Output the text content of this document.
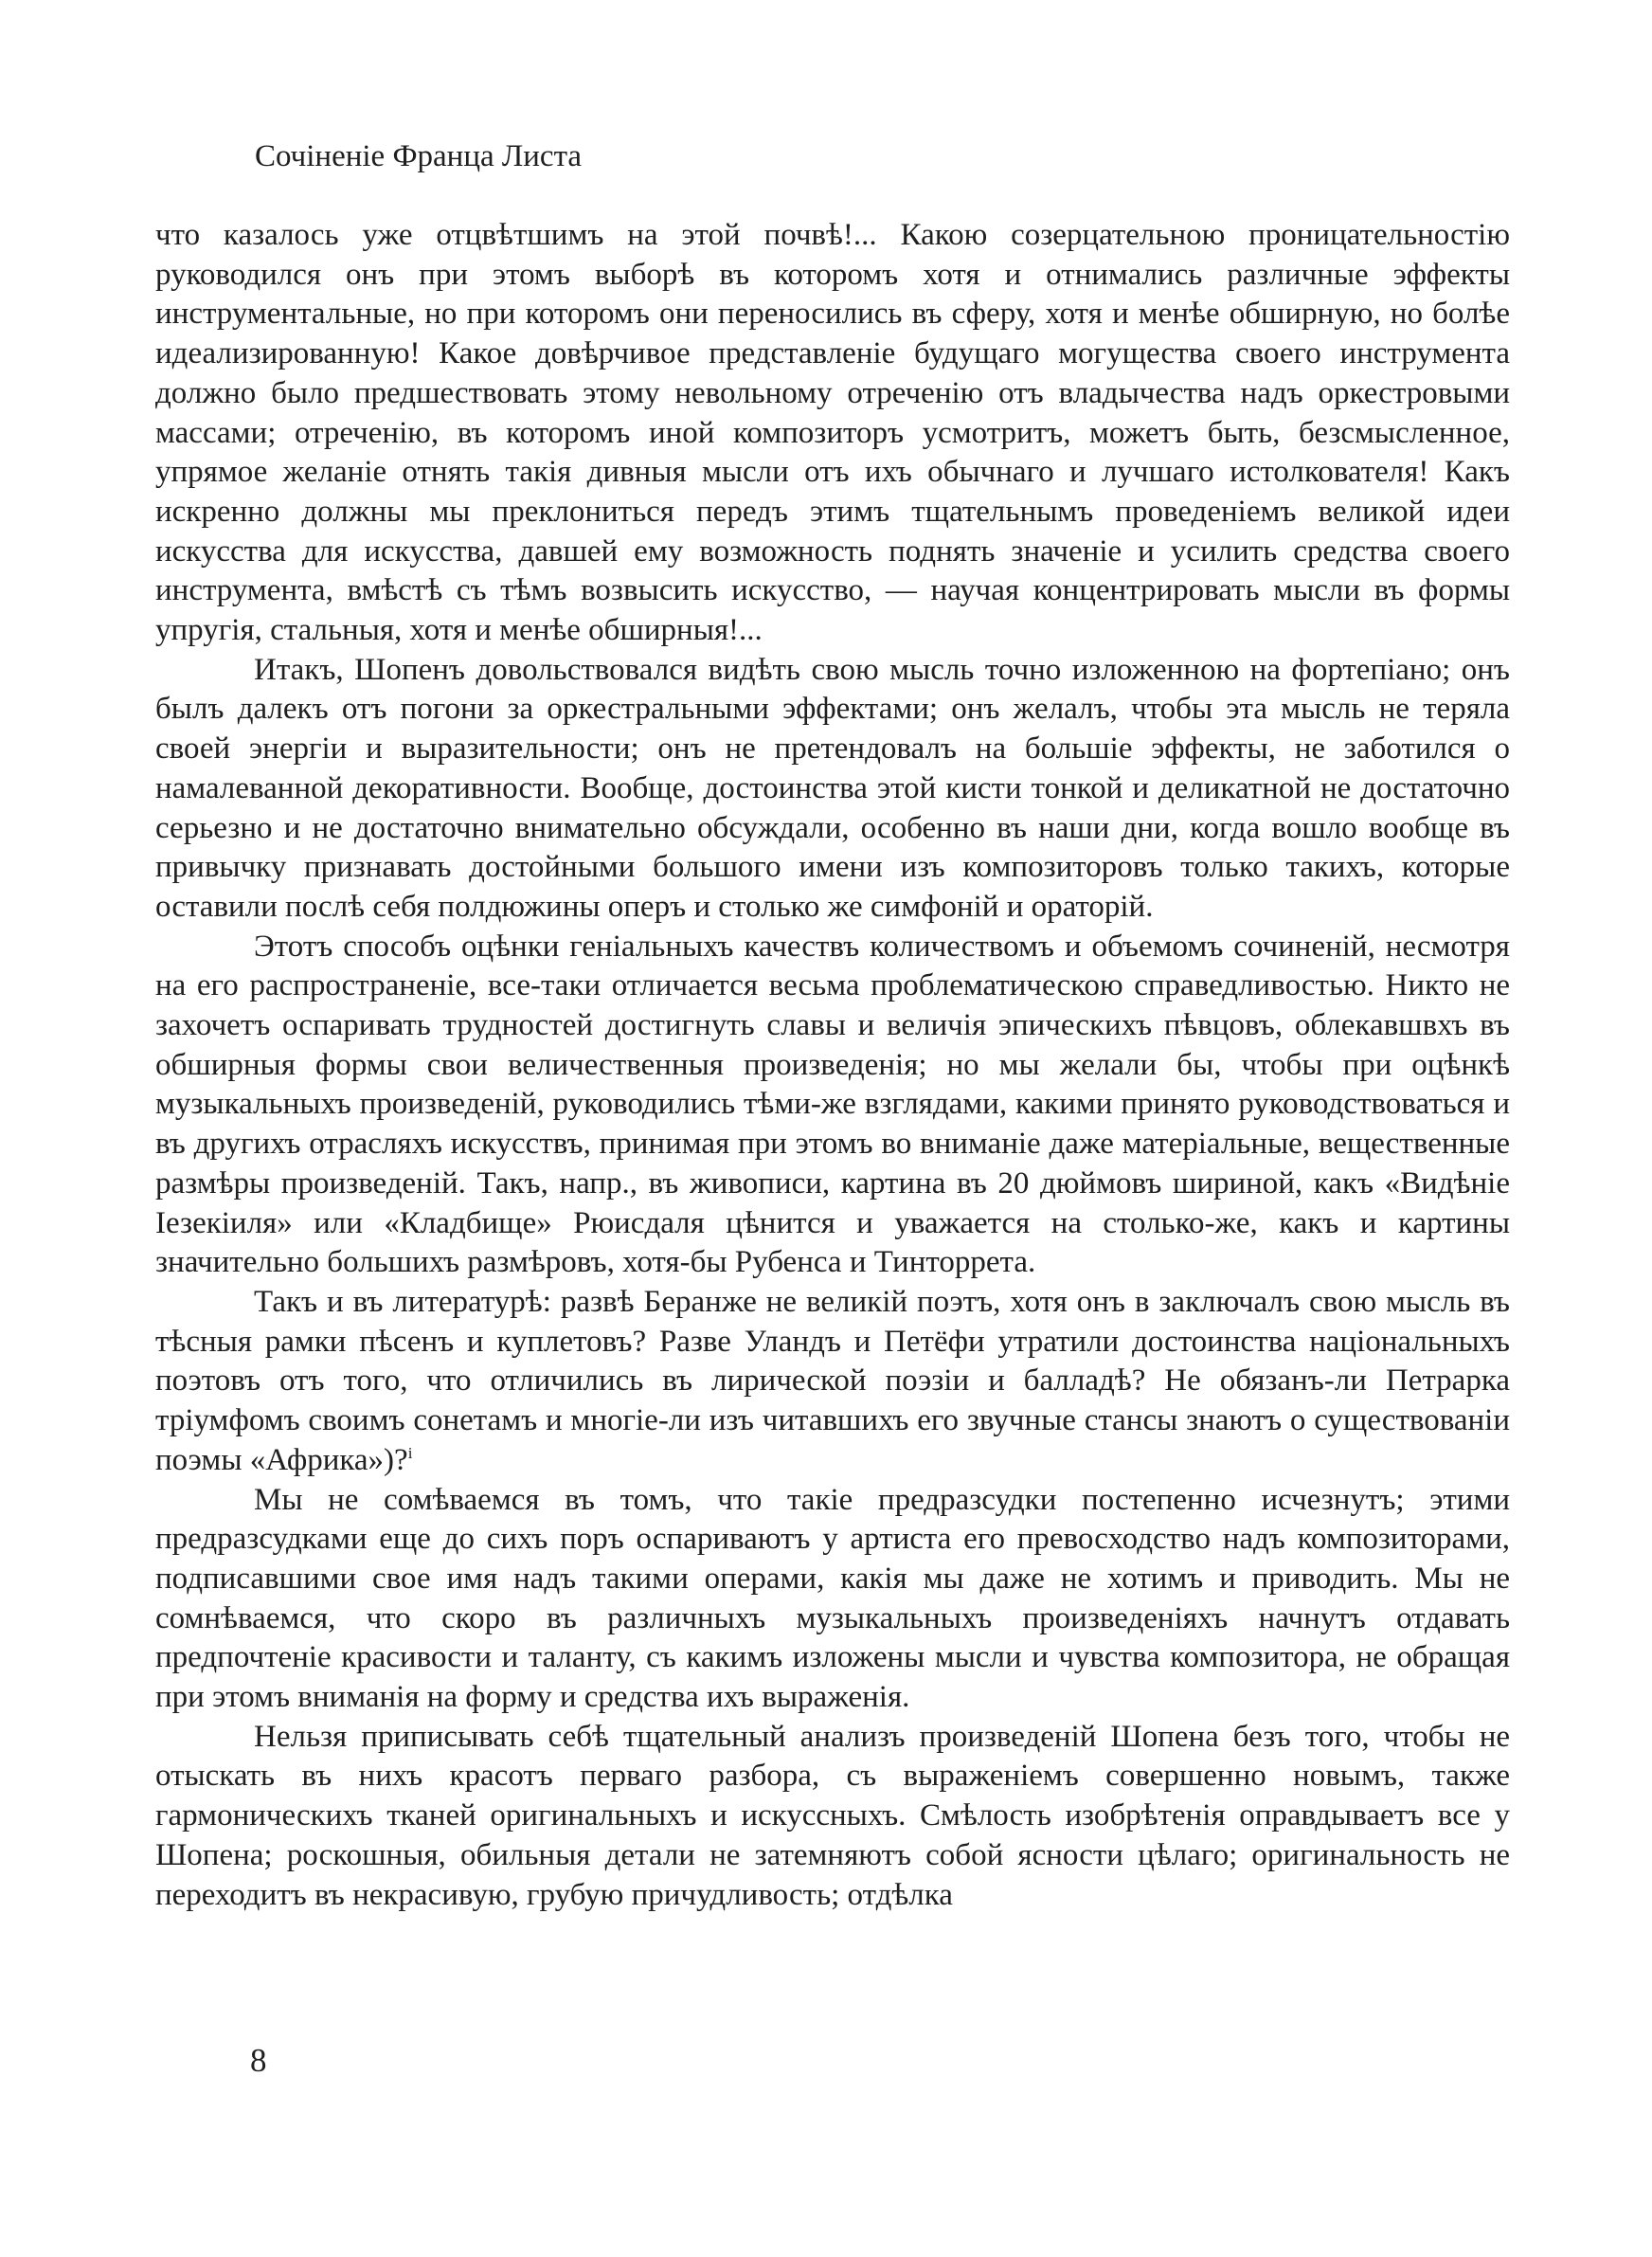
Сочiненiе Франца Листа

что казалось уже отцвѣтшимъ на этой почвѣ!... Какою созерцательною проницательностiю руководился онъ при этомъ выборѣ въ которомъ хотя и отнимались различные эффекты инструментальные, но при которомъ они переносились въ сферу, хотя и менѣе обширную, но болѣе идеализированную! Какое довѣрчивое представленiе будущаго могущества своего инструмента должно было предшествовать этому невольному отреченiю отъ владычества надъ оркестровыми массами; отреченiю, въ которомъ иной композиторъ усмотритъ, можетъ быть, безсмысленное, упрямое желанiе отнять такiя дивныя мысли отъ ихъ обычнаго и лучшаго истолкователя! Какъ искренно должны мы преклониться передъ этимъ тщательнымъ проведенiемъ великой идеи искусства для искусства, давшей ему возможность поднять значенiе и усилить средства своего инструмента, вмѣстѣ съ тѣмъ возвысить искусство, — научая концентрировать мысли въ формы упругiя, стальныя, хотя и менѣе обширныя!...

Итакъ, Шопенъ довольствовался видѣть свою мысль точно изложенною на фортепiано; онъ былъ далекъ отъ погони за оркестральными эффектами; онъ желалъ, чтобы эта мысль не теряла своей энергiи и выразительности; онъ не претендовалъ на большiе эффекты, не заботился о намалеванной декоративности. Вообще, достоинства этой кисти тонкой и деликатной не достаточно серьезно и не достаточно внимательно обсуждали, особенно въ наши дни, когда вошло вообще въ привычку признавать достойными большого имени изъ композиторовъ только такихъ, которые оставили послѣ себя полдюжины оперъ и столько же симфонiй и ораторiй.

Этотъ способъ оцѣнки генiальныхъ качествъ количествомъ и объемомъ сочиненiй, несмотря на его распространенiе, все-таки отличается весьма проблематическою справедливостью. Никто не захочетъ оспаривать трудностей достигнуть славы и величiя эпическихъ пѣвцовъ, облекавшвхъ въ обширныя формы свои величественныя произведенiя; но мы желали бы, чтобы при оцѣнкѣ музыкальныхъ произведенiй, руководились тѣми-же взглядами, какими принято руководствоваться и въ другихъ отрасляхъ искусствъ, принимая при этомъ во вниманiе даже матерiальные, вещественные размѣры произведенiй. Такъ, напр., въ живописи, картина въ 20 дюймовъ шириной, какъ «Видѣнiе Iезекiиля» или «Кладбище» Рюисдаля цѣнится и уважается на столько-же, какъ и картины значительно большихъ размѣровъ, хотя-бы Рубенса и Тинторрета.

Такъ и въ литературѣ: развѣ Беранже не великiй поэтъ, хотя онъ в заключалъ свою мысль въ тѣсныя рамки пѣсенъ и куплетовъ? Разве Уландъ и Петёфи утратили достоинства нацiональныхъ поэтовъ отъ того, что отличились въ лирической поэзiи и балладѣ? Не обязанъ-ли Петрарка трiумфомъ своимъ сонетамъ и многiе-ли изъ читавшихъ его звучные стансы знаютъ о существованiи поэмы «Африка»)?$^i$

Мы не сомѣваемся въ томъ, что такiе предразсудки постепенно исчезнутъ; этими предразсудками еще до сихъ поръ оспариваютъ у артиста его превосходство надъ композиторами, подписавшими свое имя надъ такими операми, какiя мы даже не хотимъ и приводить. Мы не сомнѣваемся, что скоро въ различныхъ музыкальныхъ произведенiяхъ начнутъ отдавать предпочтенiе красивости и таланту, съ какимъ изложены мысли и чувства композитора, не обращая при этомъ вниманiя на форму и средства ихъ выраженiя.

Нельзя приписывать себѣ тщательный анализъ произведенiй Шопена безъ того, чтобы не отыскать въ нихъ красотъ перваго разбора, съ выраженiемъ совершенно новымъ, также гармоническихъ тканей оригинальныхъ и искуссныхъ. Смѣлость изобрѣтенiя оправдываетъ все у Шопена; роскошныя, обильныя детали не затемняютъ собой ясности цѣлаго; оригинальность не переходитъ въ некрасивую, грубую причудливость; отдѣлка

8
